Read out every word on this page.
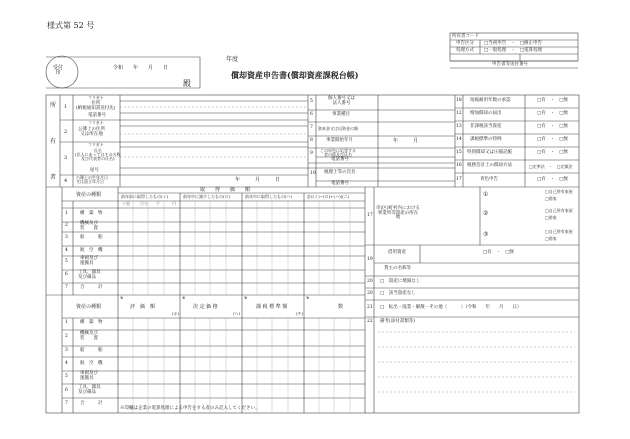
様式第 52 号
受付
印
令和　　年　　月　　日
殿
年度
償却資産申告書(償却資産課税台帳)
所有者コード
申告区分 □当初申告　・　□修正申告
処理方式 □一般処理　・　□電算処理
申告書等送付番号
所
有
者
1
フリガナ
住所
(納税通知書送付先)
電話番号
2
フリガナ
公簿上の住所
又は所在地
3
フリガナ
氏名
(法人にあってはその名称
及び代表者の氏名)
屋号
4
公簿上の生年月日
又は設立年月日	年　　　月　　　日
5
個人番号又は
法人番号
6	事業種目
7 資本金又は出資金の額
8	事業開始年月	年　　　月
9
この申告に応答する
者の係及び氏名
電話番号
10 税理士等の氏名
電話番号
18 短縮耐用年数の承認	□有　・　□無
12 増加償却の届出	□有　・　□無
13 非課税該当資産	□有　・　□無
14 課税標準の特例	□有　・　□無
15 特別償却又は圧縮記帳	□有　・　□無
16 税務会計上の償却方法	□定率法　・　□定額法
17	青色申告	□有　・　□無
資産の種類
取　　得　　価　　額
前年前に取得したもの(イ)	前年中に減少したもの(ロ)	前年中に取得したもの(ハ)	計((イ)−(ロ)+(ハ))(ニ)
十億	百万 千	円
1	構　築　物
2	機械及び
装　　置
3	船　　　舶
4	航　空　機
5
車両及び
運搬具
6 工具、器具
及び備品
7	合　　　計
資産の種類
※
評　価　額
(ホ)
※
決 定 価 格
(ヘ)
※
課 税 標 準 額
(チ)
※
数
1	構　築　物
2
機械及び
装　　置
3	船　　　舶
4	航　空　機
5
車両及び
運搬具
6
工具、器具
及び備品
7	合　　　計
17
市(区)町村内における
事業所等資産の所在
地
①	□自己所有家屋
□借家
②	□自己所有家屋
□借家
③	□自己所有家屋
□借家
19
借用資産	□有　・　□無
貸主の名称等
20 □　資産に増減なし
20 □　該当資産なし
21 □　転出・廃業・解散・その他（　　　）（令和　　年　　月　　日）
22 備考(添付書類等)
※印欄は企業の電算処理による申告をする者のみ記入してください。
